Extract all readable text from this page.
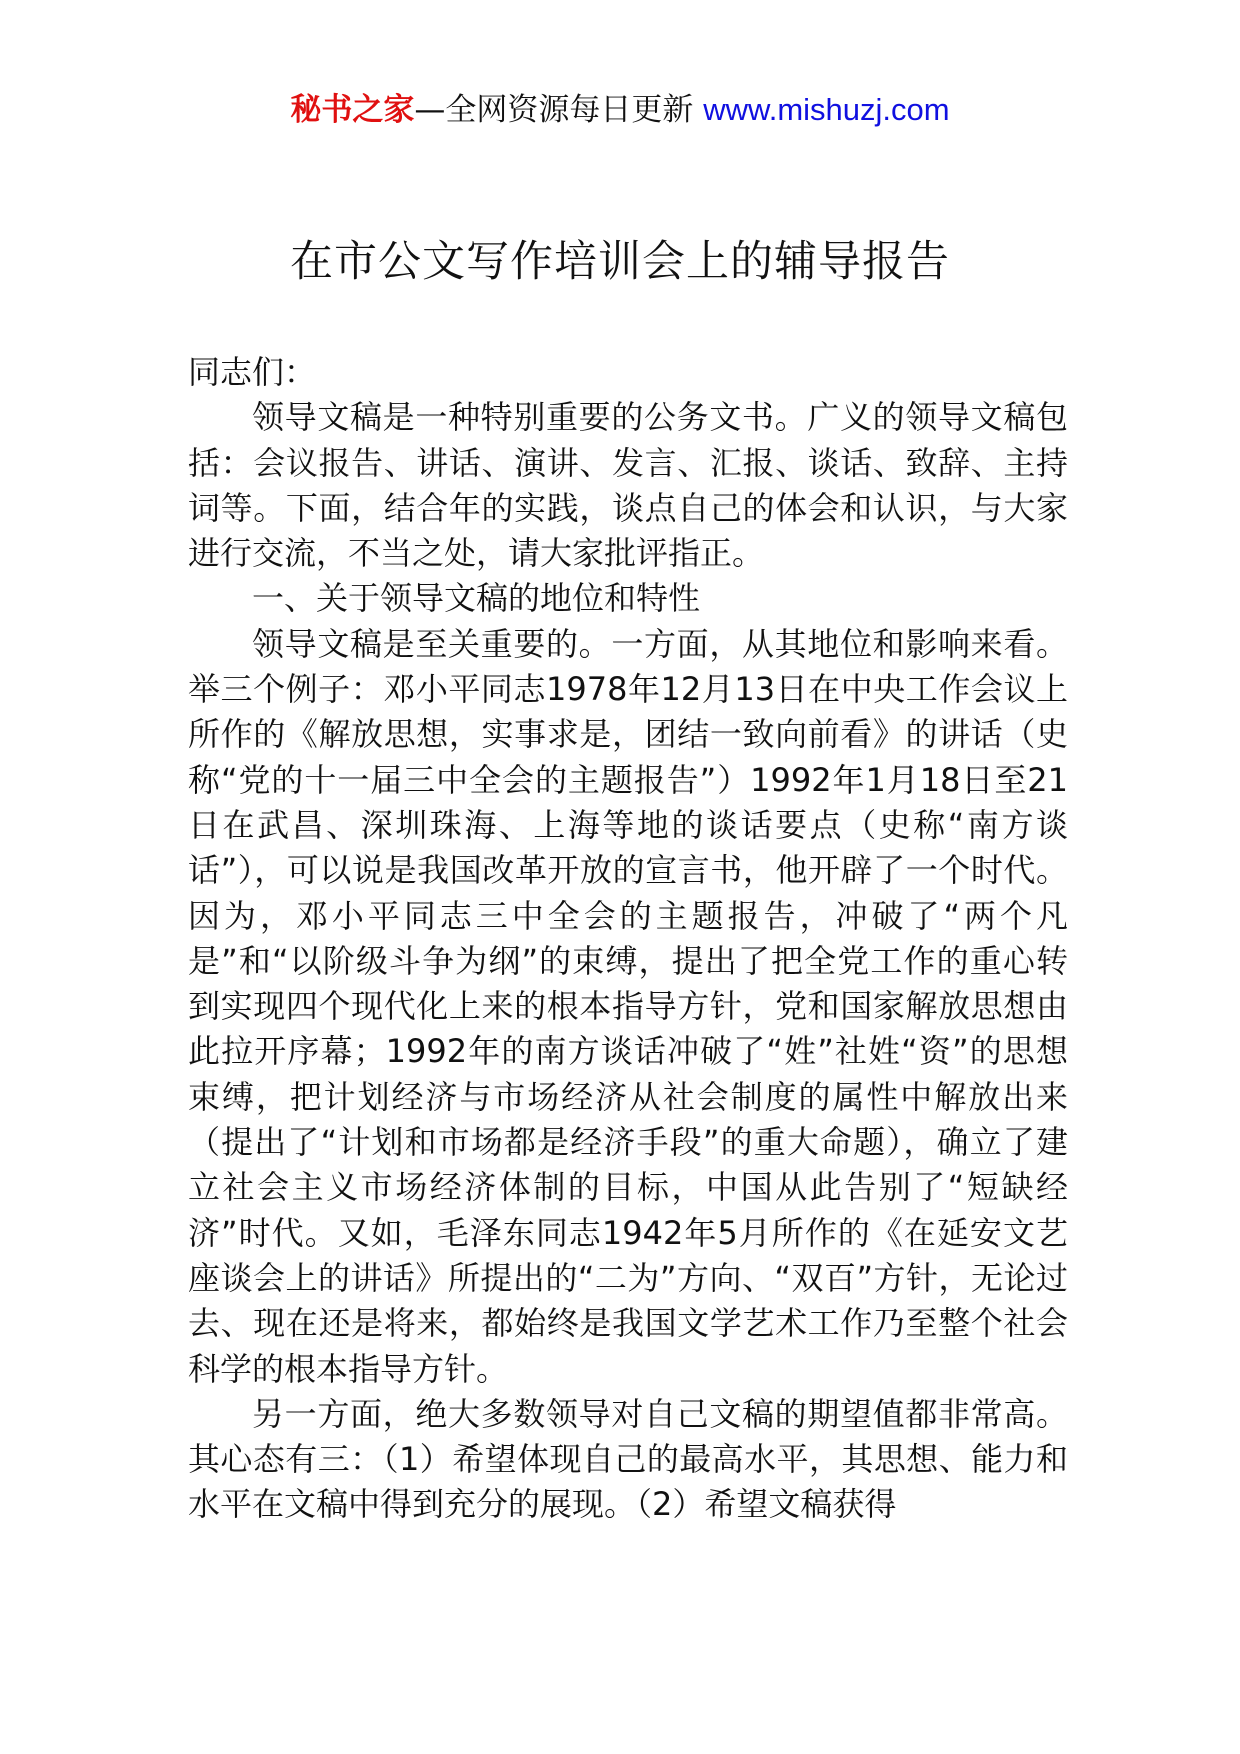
秘书之家—全网资源每日更新 www.mishuzj.com
在市公文写作培训会上的辅导报告

同志们：

领导文稿是一种特别重要的公务文书。广义的领导文稿包括：会议报告、讲话、演讲、发言、汇报、谈话、致辞、主持词等。下面，结合年的实践，谈点自己的体会和认识，与大家进行交流，不当之处，请大家批评指正。

一、关于领导文稿的地位和特性

领导文稿是至关重要的。一方面，从其地位和影响来看。举三个例子：邓小平同志1978年12月13日在中央工作会议上所作的《解放思想，实事求是，团结一致向前看》的讲话（史称“党的十一届三中全会的主题报告”）1992年1月18日至21日在武昌、深圳珠海、上海等地的谈话要点（史称“南方谈话”），可以说是我国改革开放的宣言书，他开辟了一个时代。因为，邓小平同志三中全会的主题报告，冲破了“两个凡是”和“以阶级斗争为纲”的束缚，提出了把全党工作的重心转到实现四个现代化上来的根本指导方针，党和国家解放思想由此拉开序幕；1992年的南方谈话冲破了“姓”社姓“资”的思想束缚，把计划经济与市场经济从社会制度的属性中解放出来（提出了“计划和市场都是经济手段”的重大命题），确立了建立社会主义市场经济体制的目标，中国从此告别了“短缺经济”时代。又如，毛泽东同志1942年5月所作的《在延安文艺座谈会上的讲话》所提出的“二为”方向、“双百”方针，无论过去、现在还是将来，都始终是我国文学艺术工作乃至整个社会科学的根本指导方针。

另一方面，绝大多数领导对自己文稿的期望值都非常高。其心态有三：（1）希望体现自己的最高水平，其思想、能力和水平在文稿中得到充分的展现。（2）希望文稿获得
